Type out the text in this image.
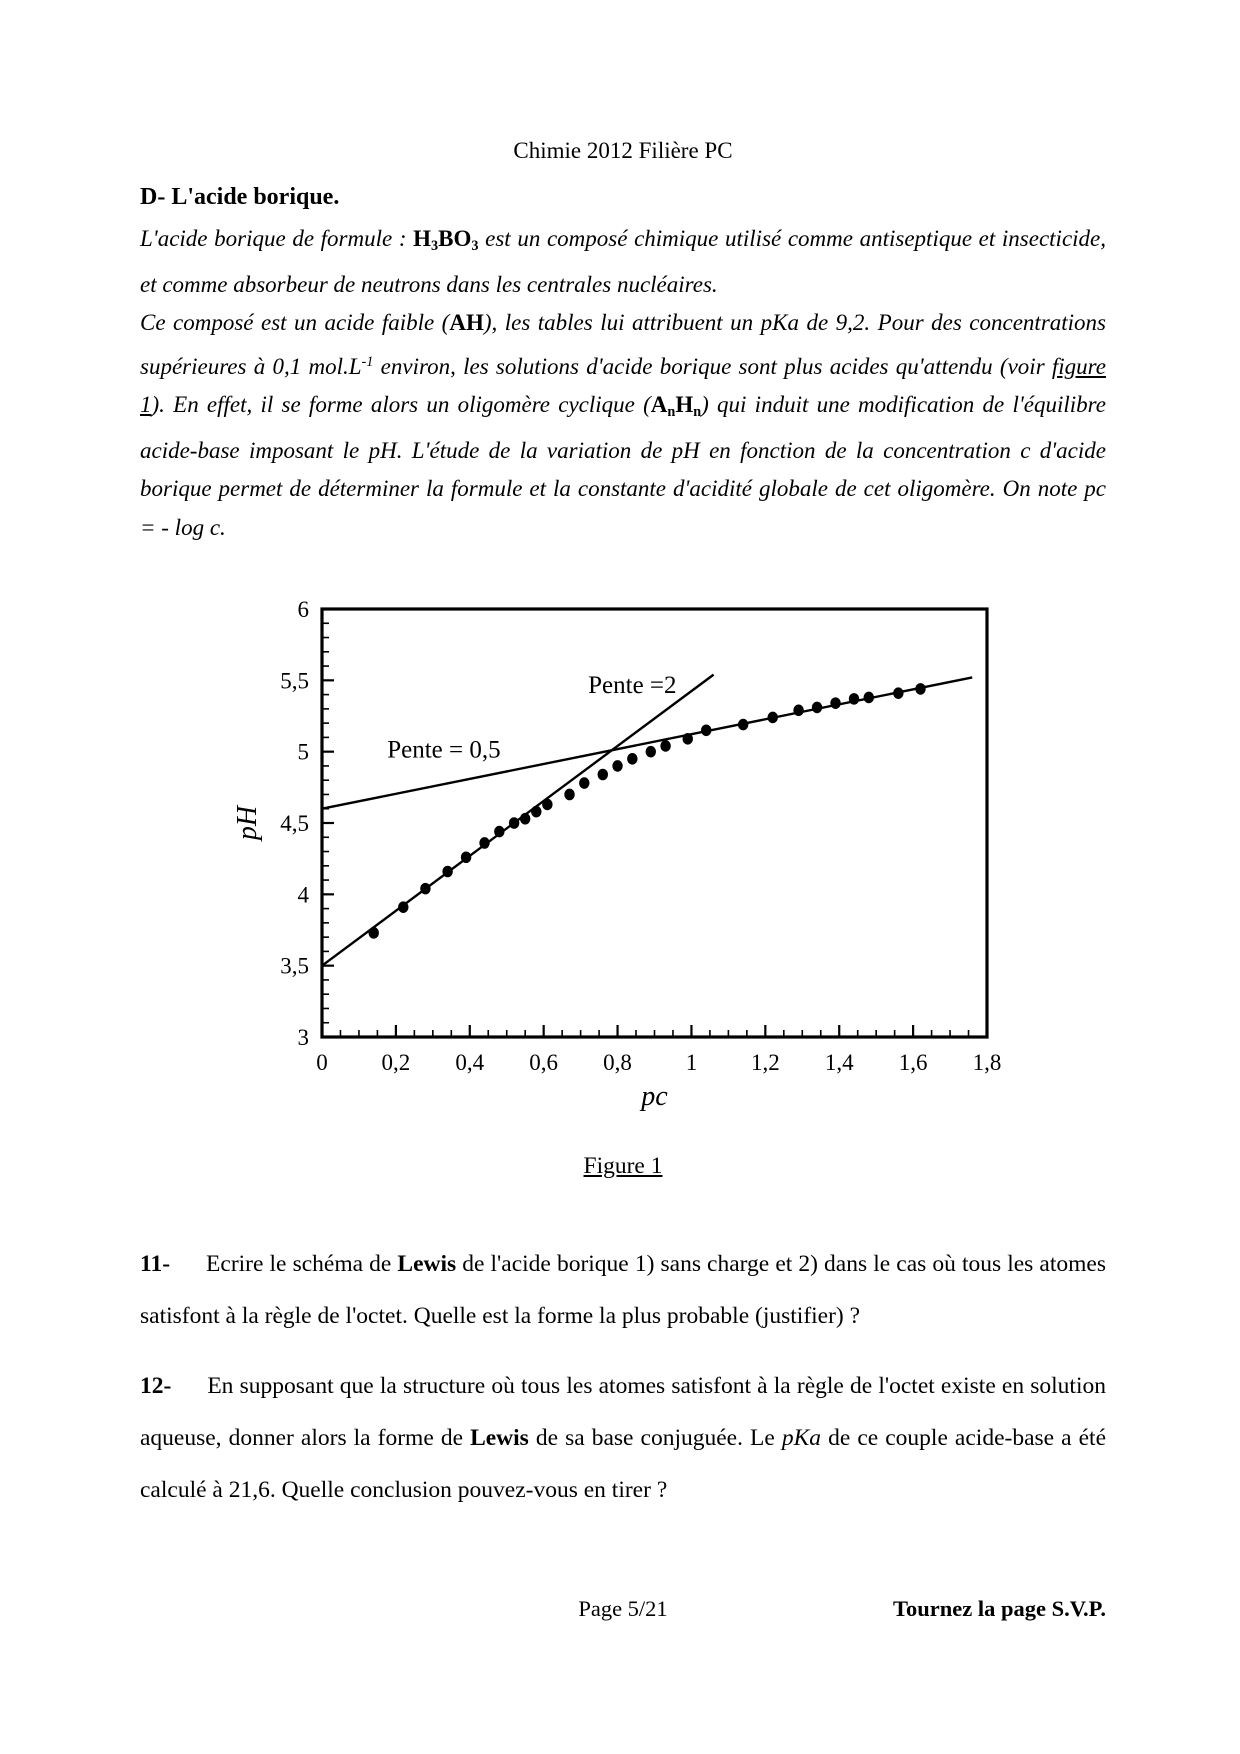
Chimie 2012 Filière PC
D- L'acide borique.

L'acide borique de formule : H3BO3 est un composé chimique utilisé comme antiseptique et insecticide, et comme absorbeur de neutrons dans les centrales nucléaires.

Ce composé est un acide faible (AH), les tables lui attribuent un pKa de 9,2. Pour des concentrations supérieures à 0,1 $mol.L^{-1}$ environ, les solutions d'acide borique sont plus acides qu'attendu (voir figure 1). En effet, il se forme alors un oligomère cyclique (AnHn) qui induit une modification de l'équilibre acide-base imposant le pH. L'étude de la variation de pH en fonction de la concentration c d'acide borique permet de déterminer la formule et la constante d'acidité globale de cet oligomère. On note pc = - log c.

0 0,2 0,4 0,6 0,8 1 1,2 1,4 1,6 1,8
3
3,5
4
4,5
5
5,5
6
Pente =2
Pente = 0,5
pH
pc
Figure 1
11- Ecrire le schéma de Lewis de l'acide borique 1) sans charge et 2) dans le cas où tous les atomes satisfont à la règle de l'octet. Quelle est la forme la plus probable (justifier) ?
12- En supposant que la structure où tous les atomes satisfont à la règle de l'octet existe en solution aqueuse, donner alors la forme de Lewis de sa base conjuguée. Le pKa de ce couple acide-base a été calculé à 21,6. Quelle conclusion pouvez-vous en tirer ?
Page 5/21	Tournez la page S.V.P.
